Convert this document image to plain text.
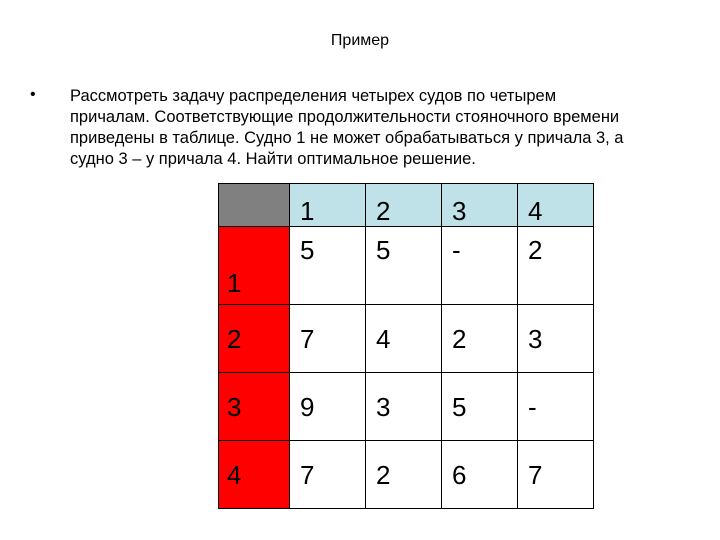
Пример
• Рассмотреть задачу распределения четырех судов по четырем
причалам. Соответствующие продолжительности стояночного времени
приведены в таблице. Судно 1 не может обрабатываться у причала 3, а
судно 3 – у причала 4. Найти оптимальное решение.
	1	2	3	4
1	5	5	-	2
2	7	4	2	3
3	9	3	5	-
4	7	2	6	7
